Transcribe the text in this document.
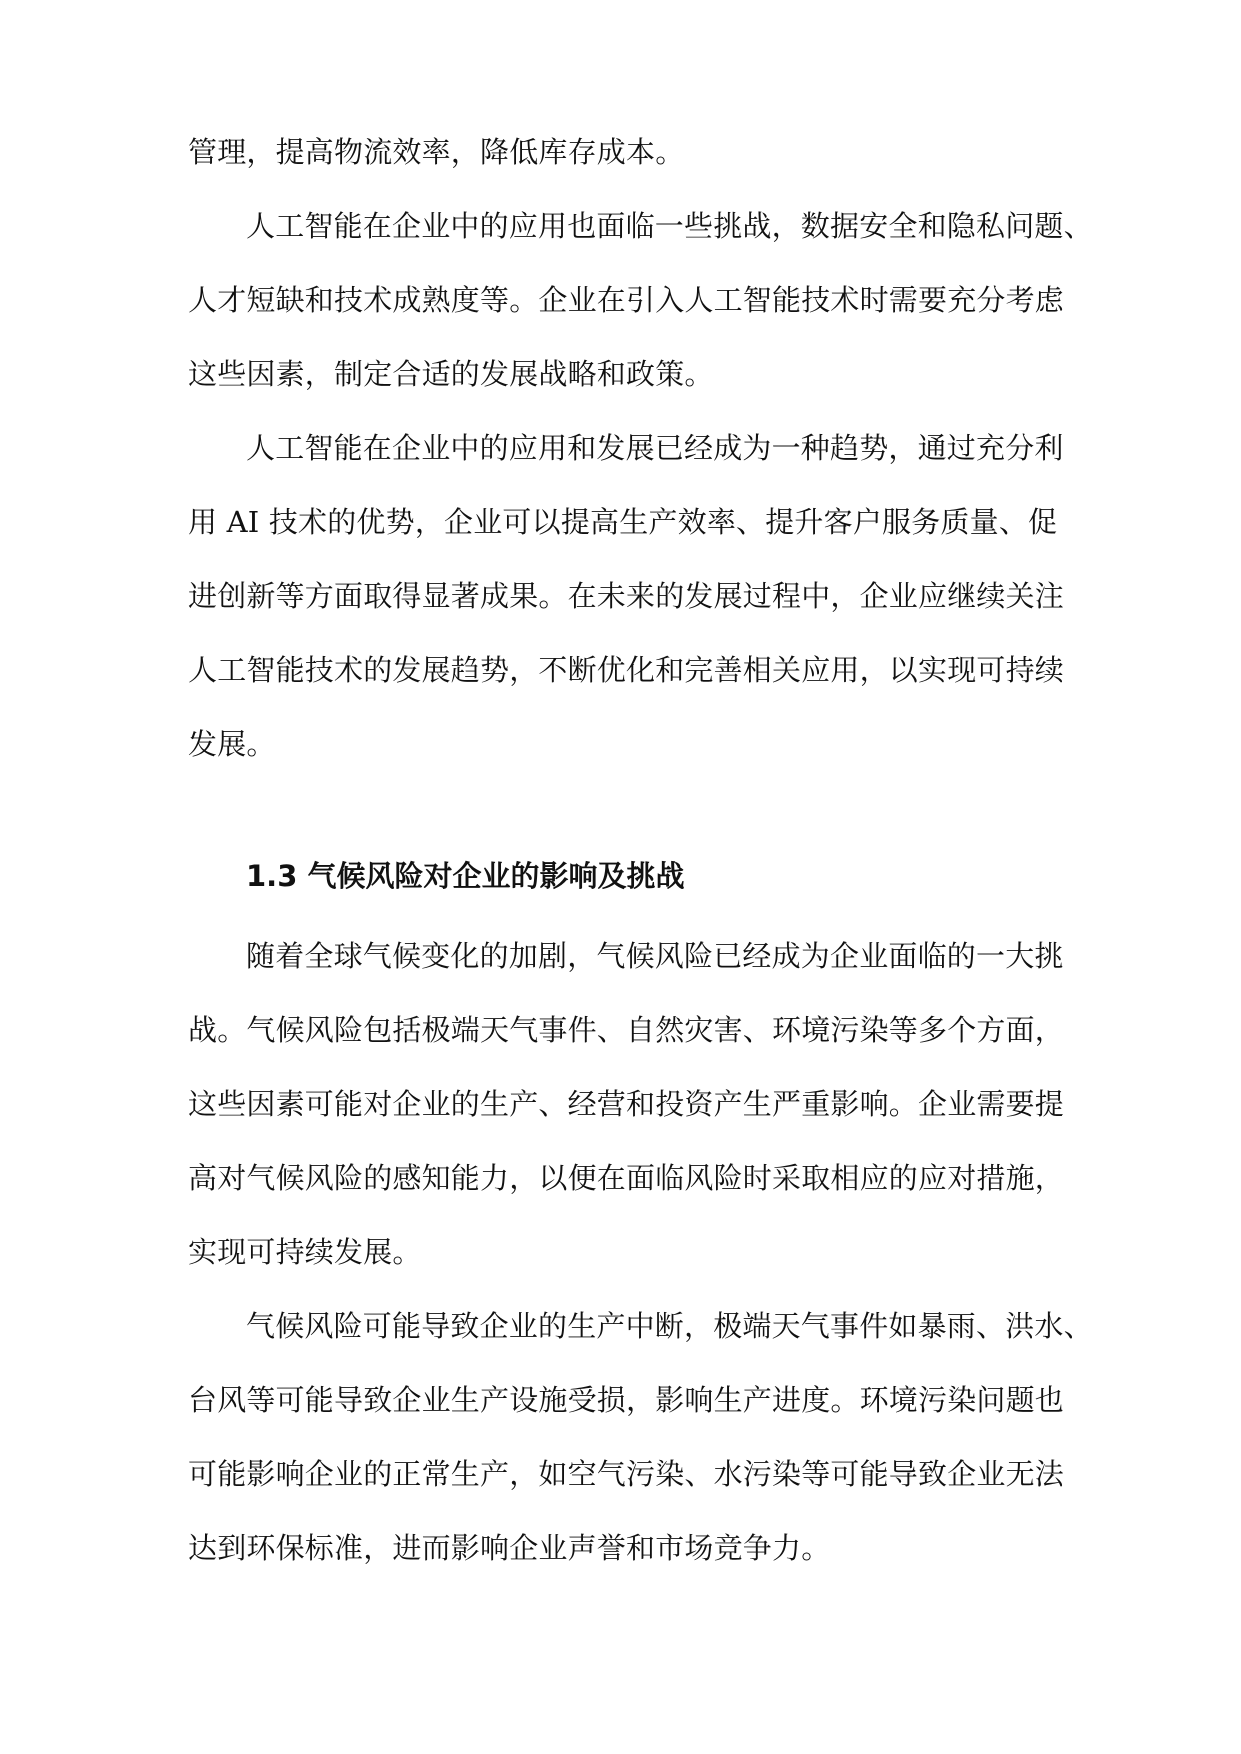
管理，提高物流效率，降低库存成本。
人工智能在企业中的应用也面临一些挑战，数据安全和隐私问题、
人才短缺和技术成熟度等。企业在引入人工智能技术时需要充分考虑
这些因素，制定合适的发展战略和政策。
人工智能在企业中的应用和发展已经成为一种趋势，通过充分利
用 AI 技术的优势，企业可以提高生产效率、提升客户服务质量、促
进创新等方面取得显著成果。在未来的发展过程中，企业应继续关注
人工智能技术的发展趋势，不断优化和完善相关应用，以实现可持续
发展。
1.3 气候风险对企业的影响及挑战
随着全球气候变化的加剧，气候风险已经成为企业面临的一大挑
战。气候风险包括极端天气事件、自然灾害、环境污染等多个方面，
这些因素可能对企业的生产、经营和投资产生严重影响。企业需要提
高对气候风险的感知能力，以便在面临风险时采取相应的应对措施，
实现可持续发展。
气候风险可能导致企业的生产中断，极端天气事件如暴雨、洪水、
台风等可能导致企业生产设施受损，影响生产进度。环境污染问题也
可能影响企业的正常生产，如空气污染、水污染等可能导致企业无法
达到环保标准，进而影响企业声誉和市场竞争力。
